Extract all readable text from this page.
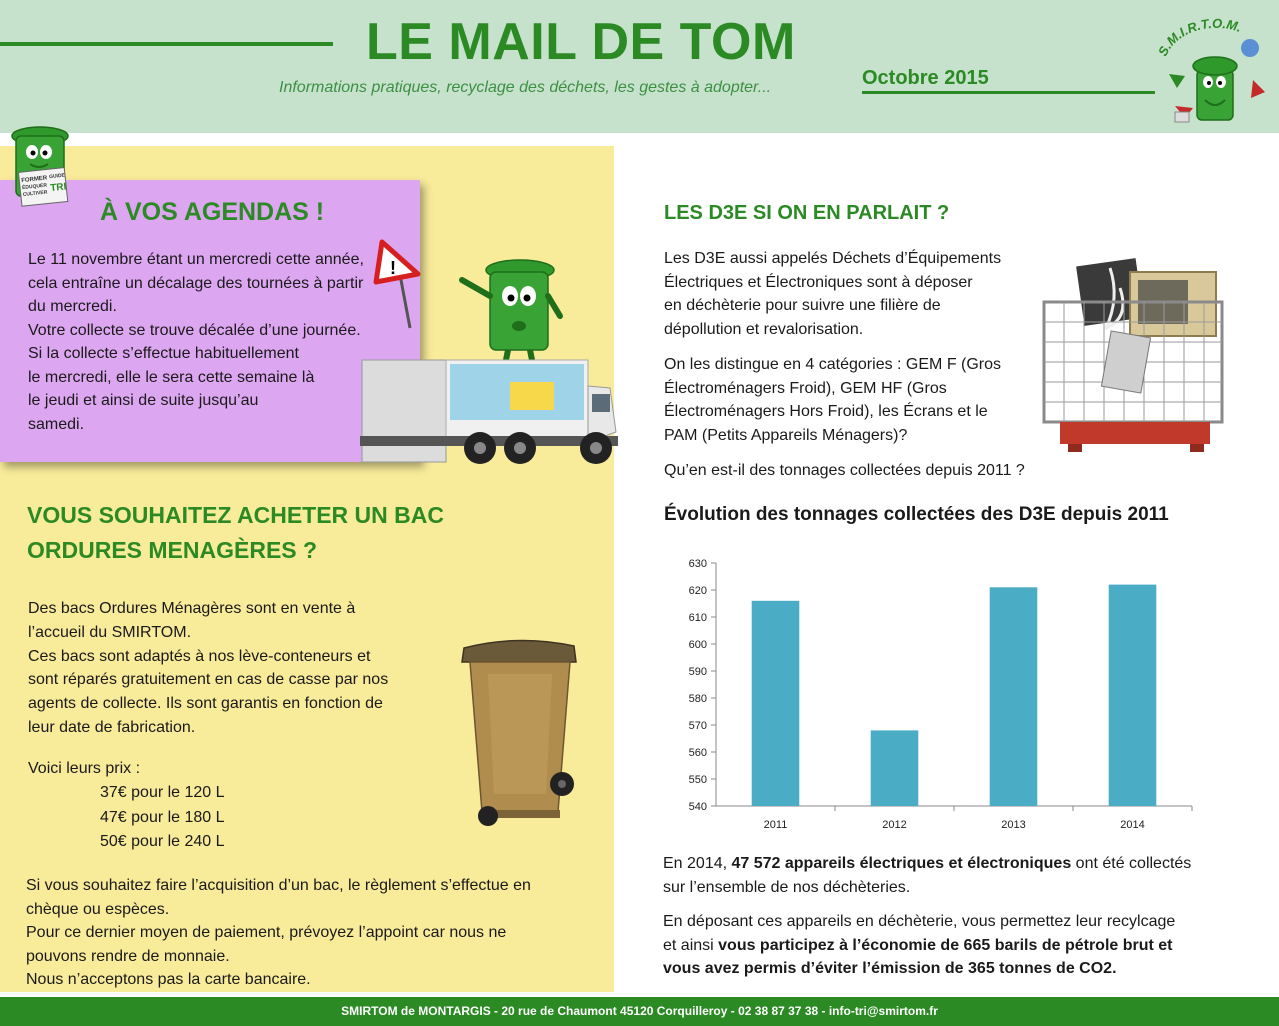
LE MAIL DE TOM
Informations pratiques, recyclage des déchets, les gestes à adopter...	Octobre 2015
S.M.I.R.T.O.M.
FORMER
ÉDUQUER
CULTIVER
GUIDE
TRI
À VOS AGENDAS !
Le 11 novembre étant un mercredi cette année,
cela entraîne un décalage des tournées à partir
du mercredi.
Votre collecte se trouve décalée d’une journée.
Si la collecte s’effectue habituellement
le mercredi, elle le sera cette semaine là
le jeudi et ainsi de suite jusqu’au
samedi.
!
VOUS SOUHAITEZ ACHETER UN BAC
ORDURES MENAGÈRES ?
Des bacs Ordures Ménagères sont en vente à
l’accueil du SMIRTOM.
Ces bacs sont adaptés à nos lève-conteneurs et
sont réparés gratuitement en cas de casse par nos
agents de collecte. Ils sont garantis en fonction de
leur date de fabrication.
Voici leurs prix :
37€ pour le 120 L
47€ pour le 180 L
50€ pour le 240 L
Si vous souhaitez faire l’acquisition d’un bac, le règlement s’effectue en
chèque ou espèces.
Pour ce dernier moyen de paiement, prévoyez l’appoint car nous ne
pouvons rendre de monnaie.
Nous n’acceptons pas la carte bancaire.
LES D3E SI ON EN PARLAIT ?
Les D3E aussi appelés Déchets d’Équipements
Électriques et Électroniques sont à déposer
en déchèterie pour suivre une filière de
dépollution et revalorisation.
On les distingue en 4 catégories : GEM F (Gros
Électroménagers Froid), GEM HF (Gros
Électroménagers Hors Froid), les Écrans et le
PAM (Petits Appareils Ménagers)?
Qu’en est-il des tonnages collectées depuis 2011 ?
Évolution des tonnages collectées des D3E depuis 2011
540
550
560
570
580
590
600
610
620
630
2011	2012	2013	2014
En 2014, 47 572 appareils électriques et électroniques ont été collectés
sur l’ensemble de nos déchèteries.
En déposant ces appareils en déchèterie, vous permettez leur recylcage
et ainsi vous participez à l’économie de 665 barils de pétrole brut et
vous avez permis d’éviter l’émission de 365 tonnes de CO2.
SMIRTOM de MONTARGIS - 20 rue de Chaumont 45120 Corquilleroy - 02 38 87 37 38 - info-tri@smirtom.fr
